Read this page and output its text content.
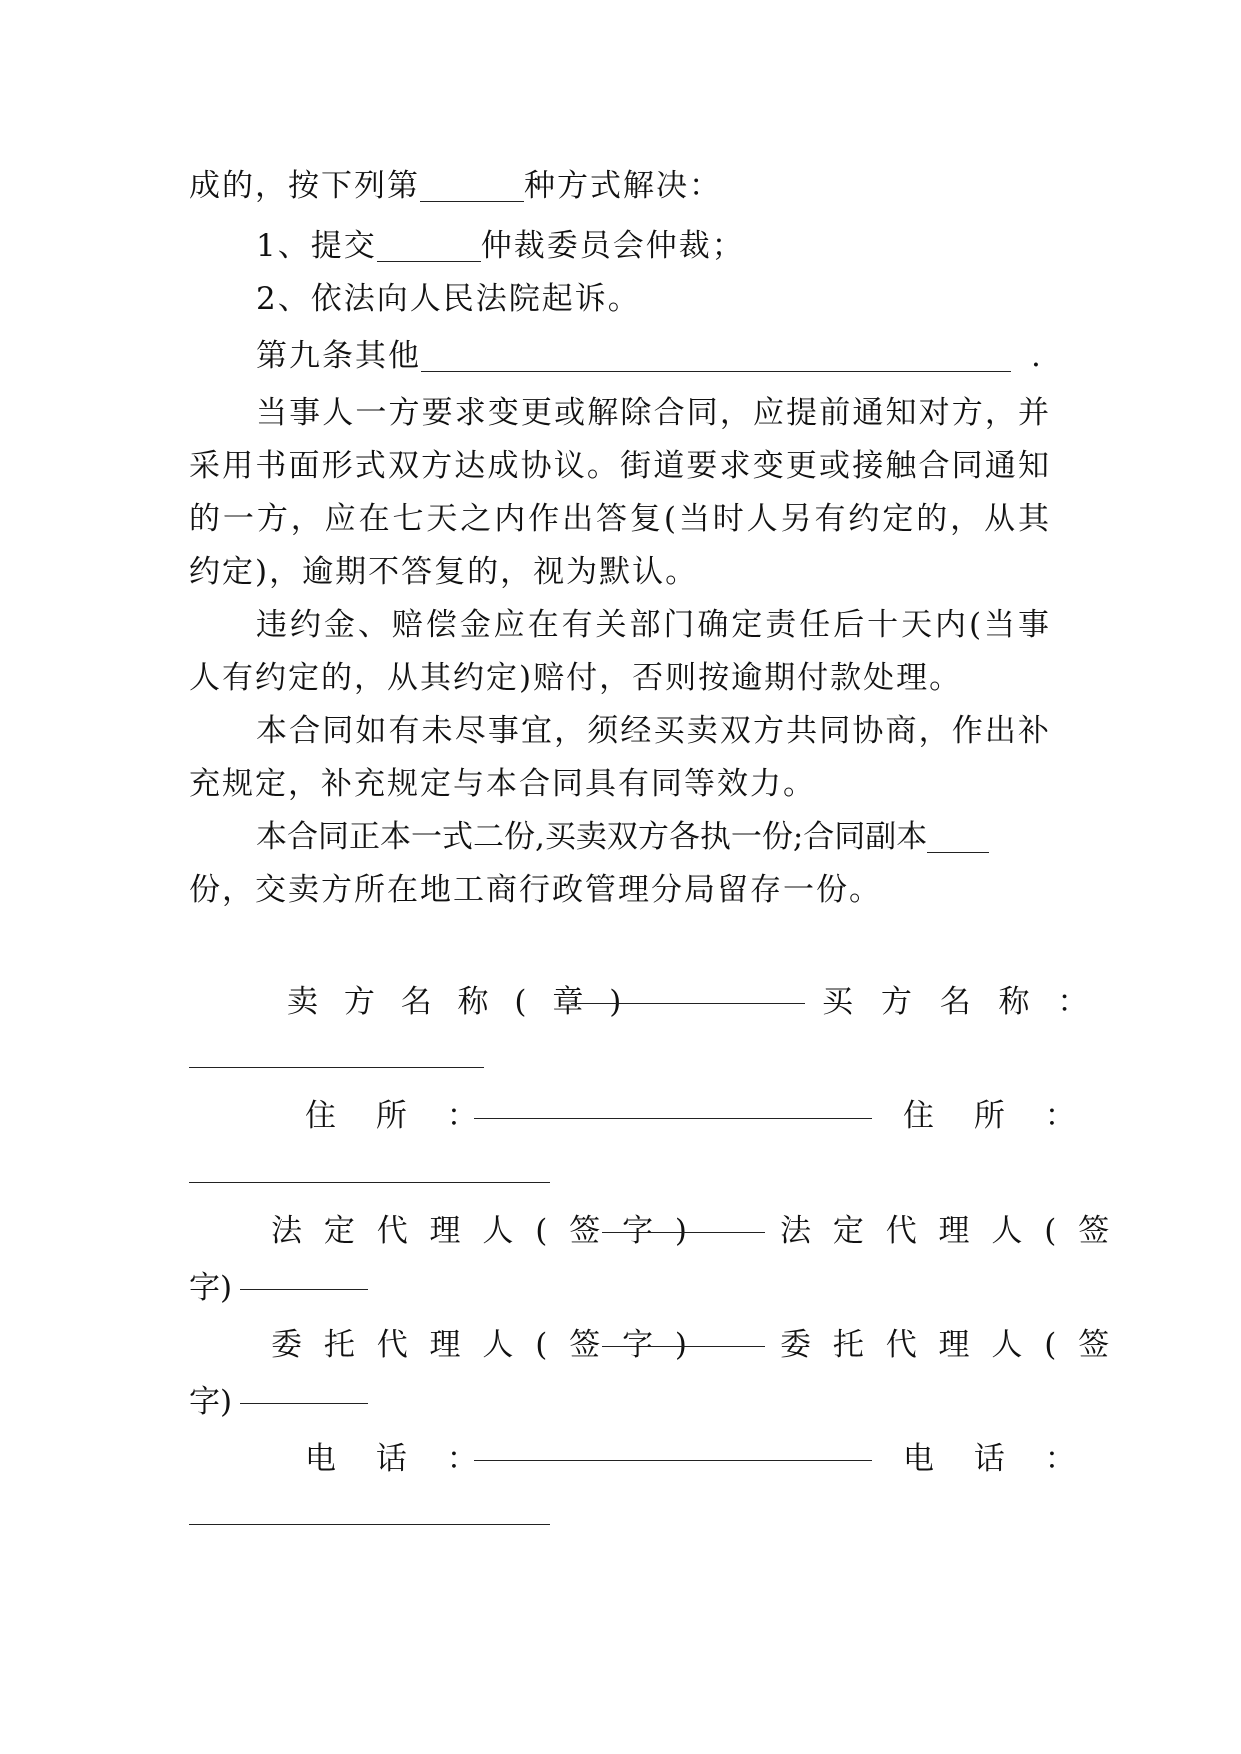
成的，按下列第	种方式解决：
1、提交	仲裁委员会仲裁；
2、依法向人民法院起诉。
第九条其他	.
当事人一方要求变更或解除合同，应提前通知对方，并
采用书面形式双方达成协议。街道要求变更或接触合同通知
的一方，应在七天之内作出答复(当时人另有约定的，从其
约定)，逾期不答复的，视为默认。
违约金、赔偿金应在有关部门确定责任后十天内(当事
人有约定的，从其约定)赔付，否则按逾期付款处理。
本合同如有未尽事宜，须经买卖双方共同协商，作出补
充规定，补充规定与本合同具有同等效力。
本合同正本一式二份,买卖双方各执一份;合同副本
份，交卖方所在地工商行政管理分局留存一份。
卖 方 名 称 ( 章 )	买 方 名 称 ：
住 所 ：	住 所 ：
法 定 代 理 人 ( 签 字 )	法 定 代 理 人 ( 签
字)
委 托 代 理 人 ( 签 字 )	委 托 代 理 人 ( 签
字)
电 话 ：	电 话 ：
